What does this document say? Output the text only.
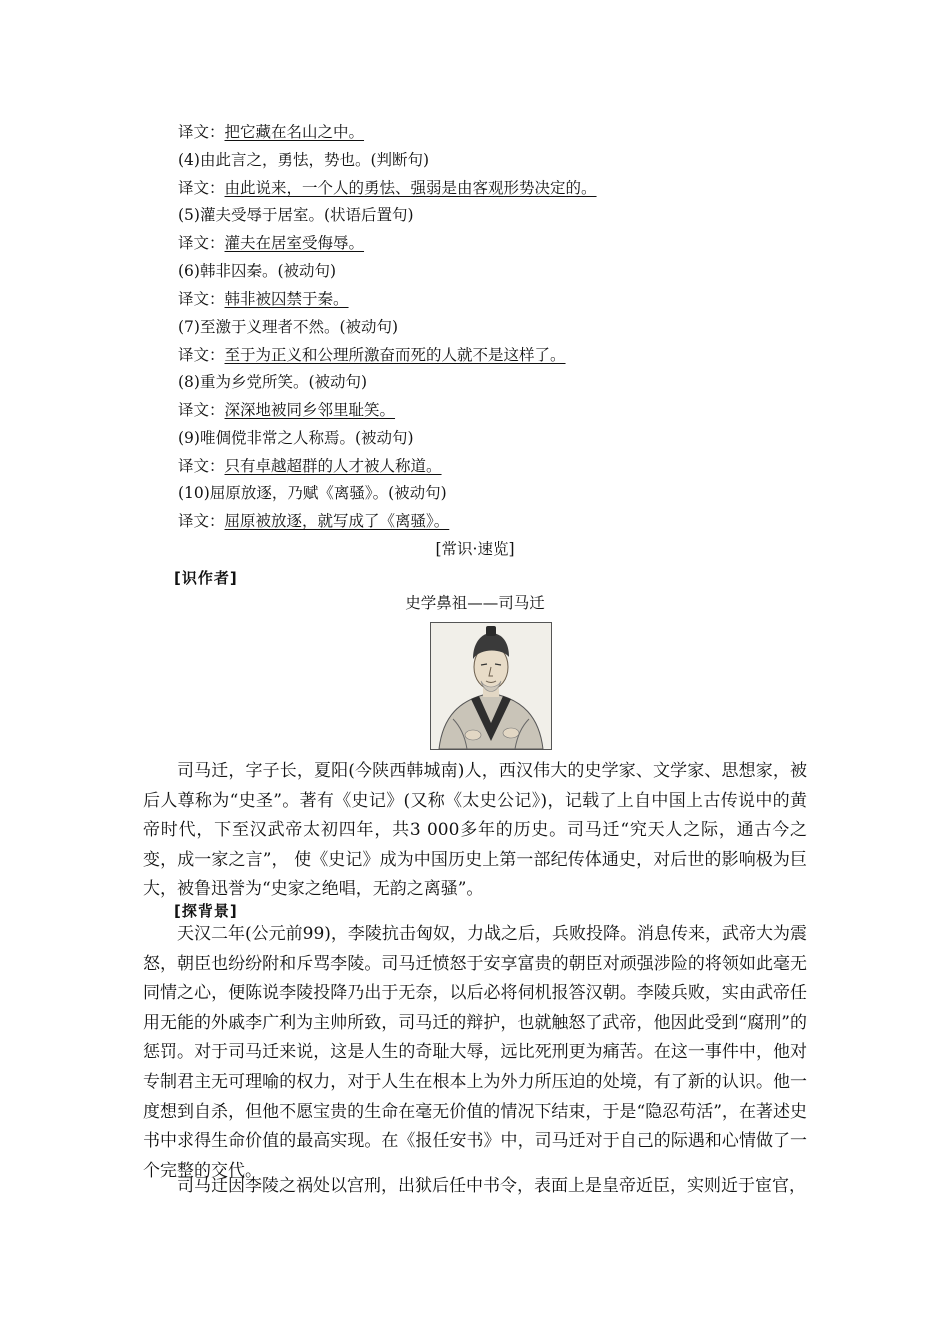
译文：把它藏在名山之中。
(4)由此言之，勇怯，势也。(判断句)
译文：由此说来，一个人的勇怯、强弱是由客观形势决定的。
(5)灌夫受辱于居室。(状语后置句)
译文：灌夫在居室受侮辱。
(6)韩非囚秦。(被动句)
译文：韩非被囚禁于秦。
(7)至激于义理者不然。(被动句)
译文：至于为正义和公理所激奋而死的人就不是这样了。
(8)重为乡党所笑。(被动句)
译文：深深地被同乡邻里耻笑。
(9)唯倜傥非常之人称焉。(被动句)
译文：只有卓越超群的人才被人称道。
(10)屈原放逐，乃赋《离骚》。(被动句)
译文：屈原被放逐，就写成了《离骚》。
[常识·速览]
[识作者]
史学鼻祖——司马迁
司马迁，字子长，夏阳(今陕西韩城南)人，西汉伟大的史学家、文学家、思想家，被后人尊称为“史圣”。著有《史记》(又称《太史公记》)，记载了上自中国上古传说中的黄帝时代，下至汉武帝太初四年，共3 000多年的历史。司马迁“究天人之际，通古今之变，成一家之言”， 使《史记》成为中国历史上第一部纪传体通史，对后世的影响极为巨大，被鲁迅誉为“史家之绝唱，无韵之离骚”。
[探背景]
天汉二年(公元前99)，李陵抗击匈奴，力战之后，兵败投降。消息传来，武帝大为震怒，朝臣也纷纷附和斥骂李陵。司马迁愤怒于安享富贵的朝臣对顽强涉险的将领如此毫无同情之心，便陈说李陵投降乃出于无奈，以后必将伺机报答汉朝。李陵兵败，实由武帝任用无能的外戚李广利为主帅所致，司马迁的辩护，也就触怒了武帝，他因此受到“腐刑”的惩罚。对于司马迁来说，这是人生的奇耻大辱，远比死刑更为痛苦。在这一事件中，他对专制君主无可理喻的权力，对于人生在根本上为外力所压迫的处境，有了新的认识。他一度想到自杀，但他不愿宝贵的生命在毫无价值的情况下结束，于是“隐忍苟活”，在著述史书中求得生命价值的最高实现。在《报任安书》中，司马迁对于自己的际遇和心情做了一个完整的交代。
司马迁因李陵之祸处以宫刑，出狱后任中书令，表面上是皇帝近臣，实则近于宦官，
